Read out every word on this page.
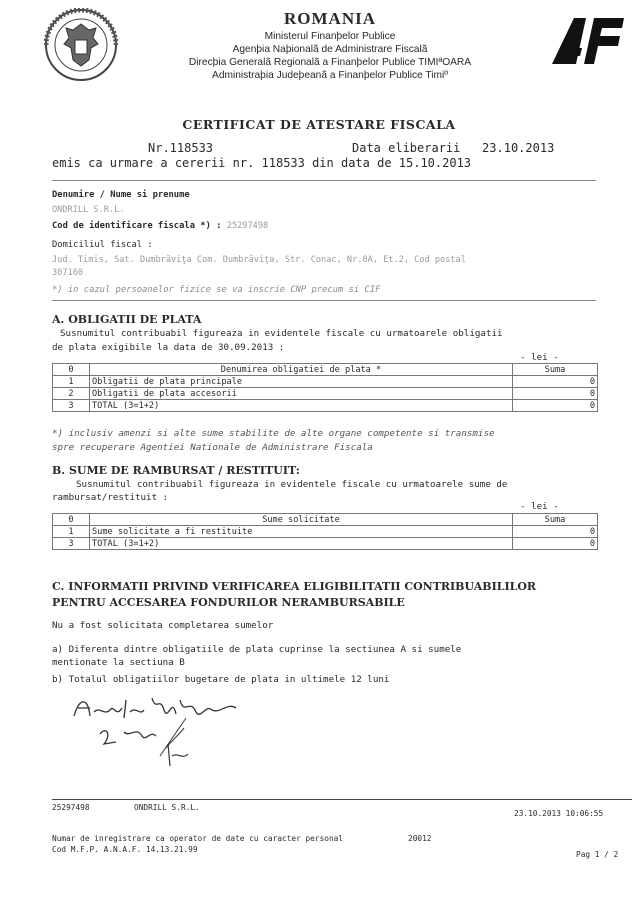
ROMANIA
Ministerul Finanþelor Publice
Agenþia Naþionalã de Administrare Fiscalã
Direcþia Generalã Regionalã a Finanþelor Publice TIMIªOARA
Administraþia Judeþeanã a Finanþelor Publice Timiº
CERTIFICAT DE ATESTARE FISCALA
Nr.118533	Data eliberarii   23.10.2013
emis ca urmare a cererii nr. 118533 din data de 15.10.2013
Denumire / Nume si prenume
ONDRILL S.R.L.
Cod de identificare fiscala *) : 25297498
Domiciliul fiscal :
Jud. Timis, Sat. Dumbrăviţa Com. Dumbrăviţa, Str. Conac, Nr.8A, Et.2, Cod postal
307160
*) in cazul persoanelor fizice se va inscrie CNP precum si CIF
A. OBLIGATII DE PLATA
Susnumitul contribuabil figureaza in evidentele fiscale cu urmatoarele obligatii
de plata exigibile la data de 30.09.2013 :
- lei -
0	Denumirea obligatiei de plata *	Suma
1	Obligatii de plata principale	0
2	Obligatii de plata accesorii	0
3	TOTAL (3=1+2)	0
*) inclusiv amenzi si alte sume stabilite de alte organe competente si transmise
spre recuperare Agentiei Nationale de Administrare Fiscala
B. SUME DE RAMBURSAT / RESTITUIT:
Susnumitul contribuabil figureaza in evidentele fiscale cu urmatoarele sume de
rambursat/restituit :
- lei -
0	Sume solicitate	Suma
1	Sume solicitate a fi restituite	0
3	TOTAL (3=1+2)	0
C. INFORMATII PRIVIND VERIFICAREA ELIGIBILITATII CONTRIBUABILILOR
PENTRU ACCESAREA FONDURILOR NERAMBURSABILE
Nu a fost solicitata completarea sumelor
a) Diferenta dintre obligatiile de plata cuprinse la sectiunea A si sumele
mentionate la sectiuna B
b) Totalul obligatiilor bugetare de plata in ultimele 12 luni
25297498	ONDRILL S.R.L.
23.10.2013 10:06:55
Numar de inregistrare ca operator de date cu caracter personal	20012
Cod M.F.P. A.N.A.F. 14.13.21.99
Pag 1 / 2
